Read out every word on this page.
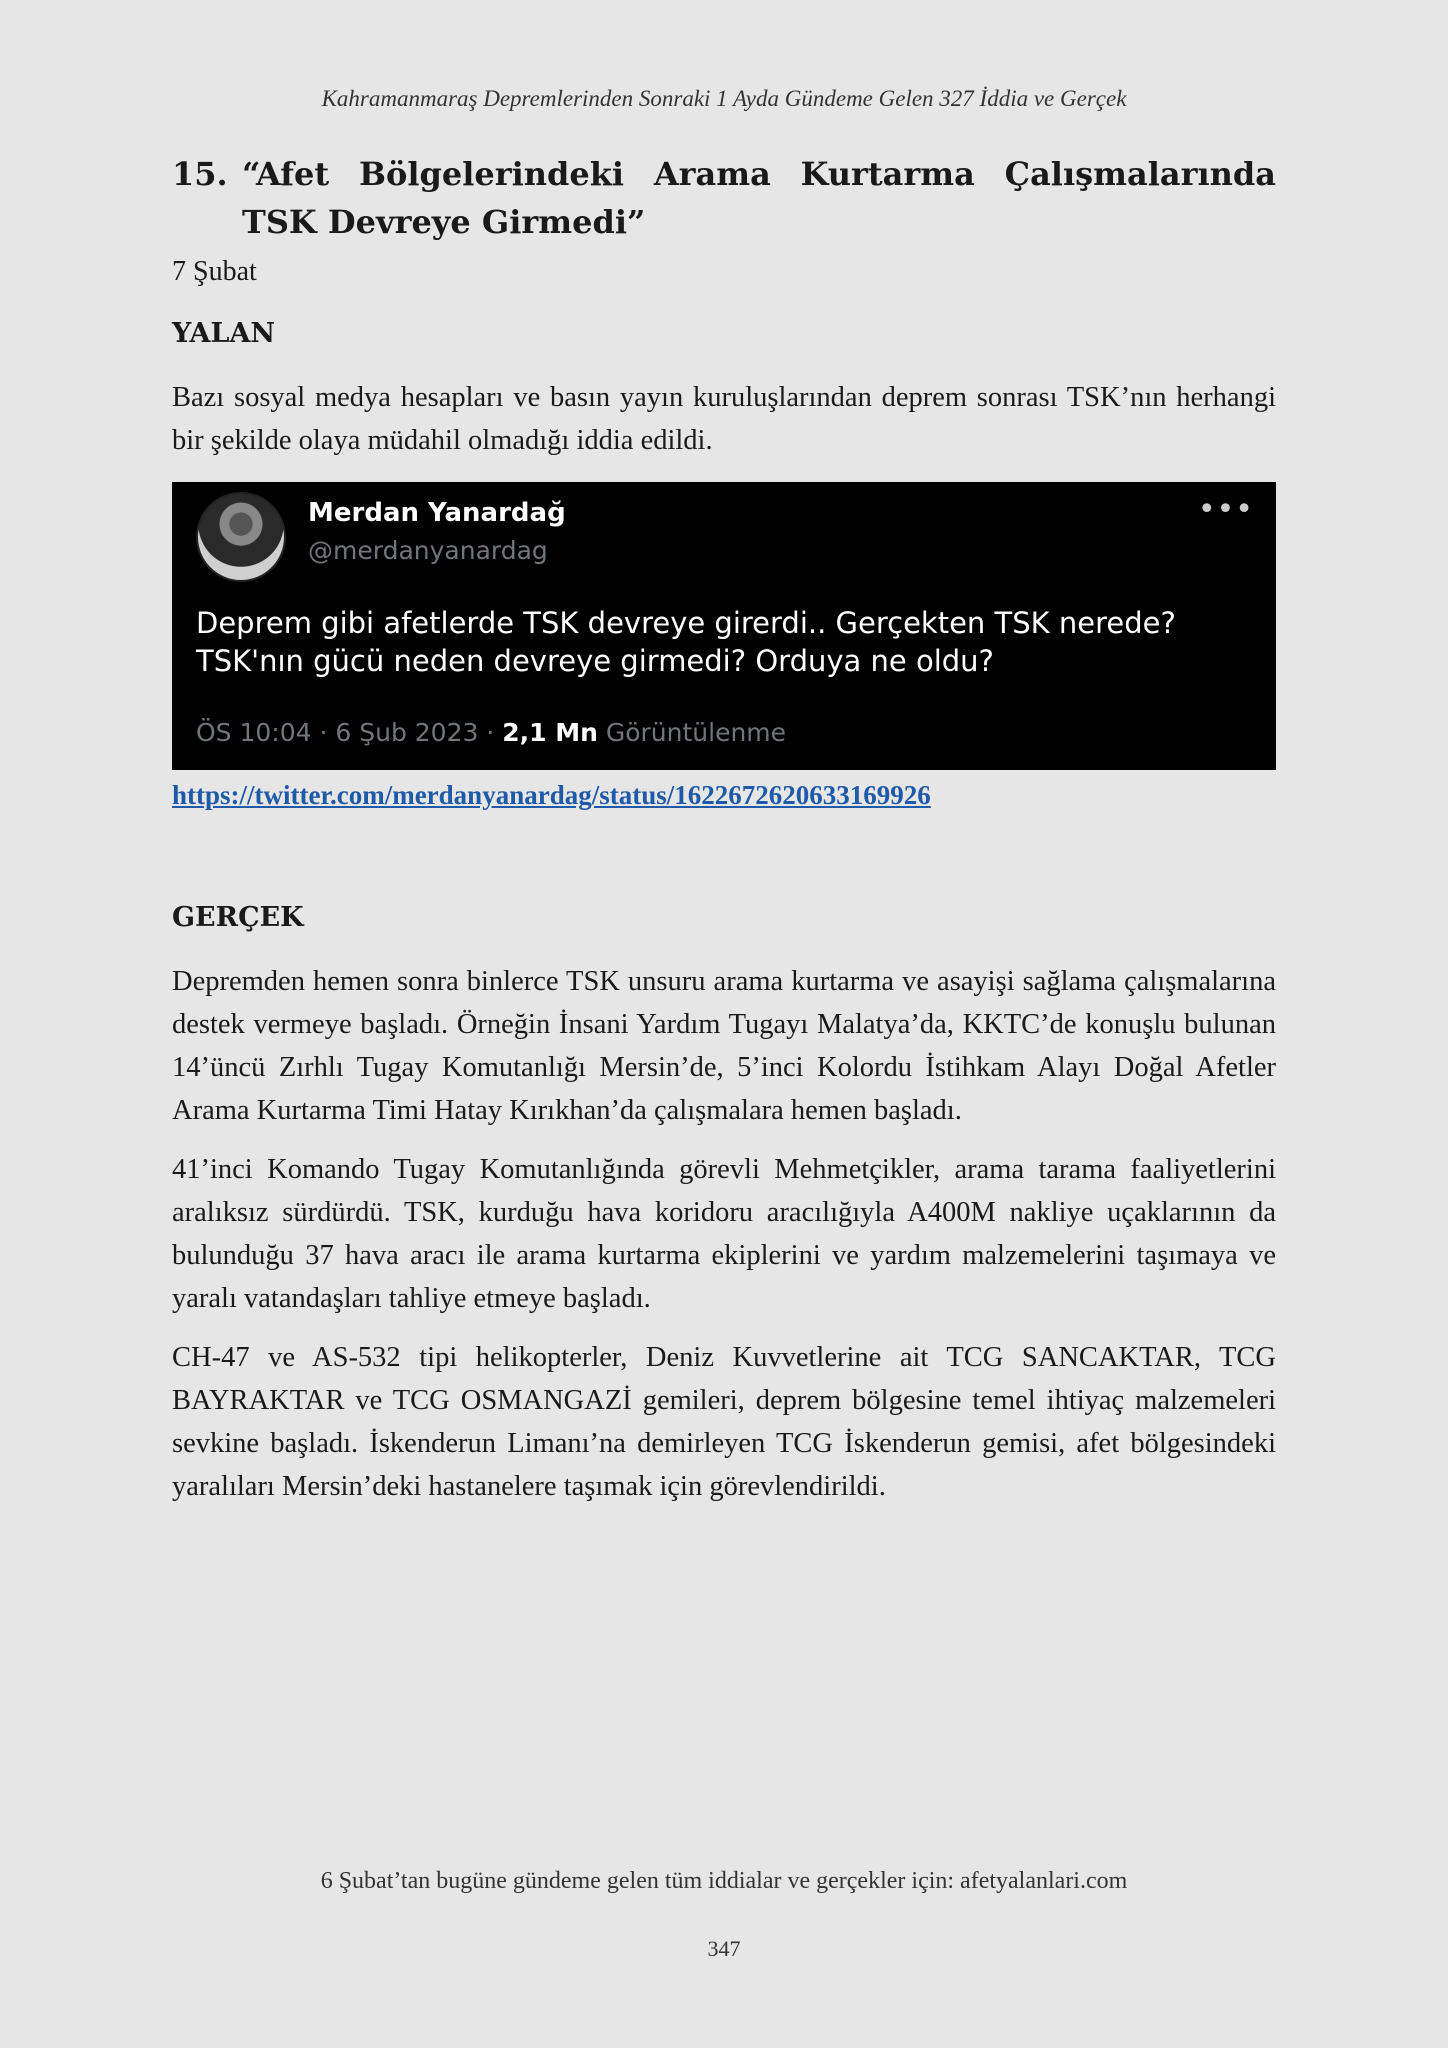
Kahramanmaraş Depremlerinden Sonraki 1 Ayda Gündeme Gelen 327 İddia ve Gerçek
15. “Afet Bölgelerindeki Arama Kurtarma Çalışmalarında TSK Devreye Girmedi”
7 Şubat
YALAN
Bazı sosyal medya hesapları ve basın yayın kuruluşlarından deprem sonrası TSK’nın herhangi bir şekilde olaya müdahil olmadığı iddia edildi.
Merdan Yanardağ
@merdanyanardag
•••
Deprem gibi afetlerde TSK devreye girerdi.. Gerçekten TSK nerede? TSK'nın gücü neden devreye girmedi? Orduya ne oldu?
ÖS 10:04 · 6 Şub 2023 · 2,1 Mn Görüntülenme
https://twitter.com/merdanyanardag/status/1622672620633169926
GERÇEK
Depremden hemen sonra binlerce TSK unsuru arama kurtarma ve asayişi sağlama çalışmalarına destek vermeye başladı. Örneğin İnsani Yardım Tugayı Malatya’da, KKTC’de konuşlu bulunan 14’üncü Zırhlı Tugay Komutanlığı Mersin’de, 5’inci Kolordu İstihkam Alayı Doğal Afetler Arama Kurtarma Timi Hatay Kırıkhan’da çalışmalara hemen başladı.
41’inci Komando Tugay Komutanlığında görevli Mehmetçikler, arama tarama faaliyetlerini aralıksız sürdürdü. TSK, kurduğu hava koridoru aracılığıyla A400M nakliye uçaklarının da bulunduğu 37 hava aracı ile arama kurtarma ekiplerini ve yardım malzemelerini taşımaya ve yaralı vatandaşları tahliye etmeye başladı.
CH-47 ve AS-532 tipi helikopterler, Deniz Kuvvetlerine ait TCG SANCAKTAR, TCG BAYRAKTAR ve TCG OSMANGAZİ gemileri, deprem bölgesine temel ihtiyaç malzemeleri sevkine başladı. İskenderun Limanı’na demirleyen TCG İskenderun gemisi, afet bölgesindeki yaralıları Mersin’deki hastanelere taşımak için görevlendirildi.
6 Şubat’tan bugüne gündeme gelen tüm iddialar ve gerçekler için: afetyalanlari.com
347
